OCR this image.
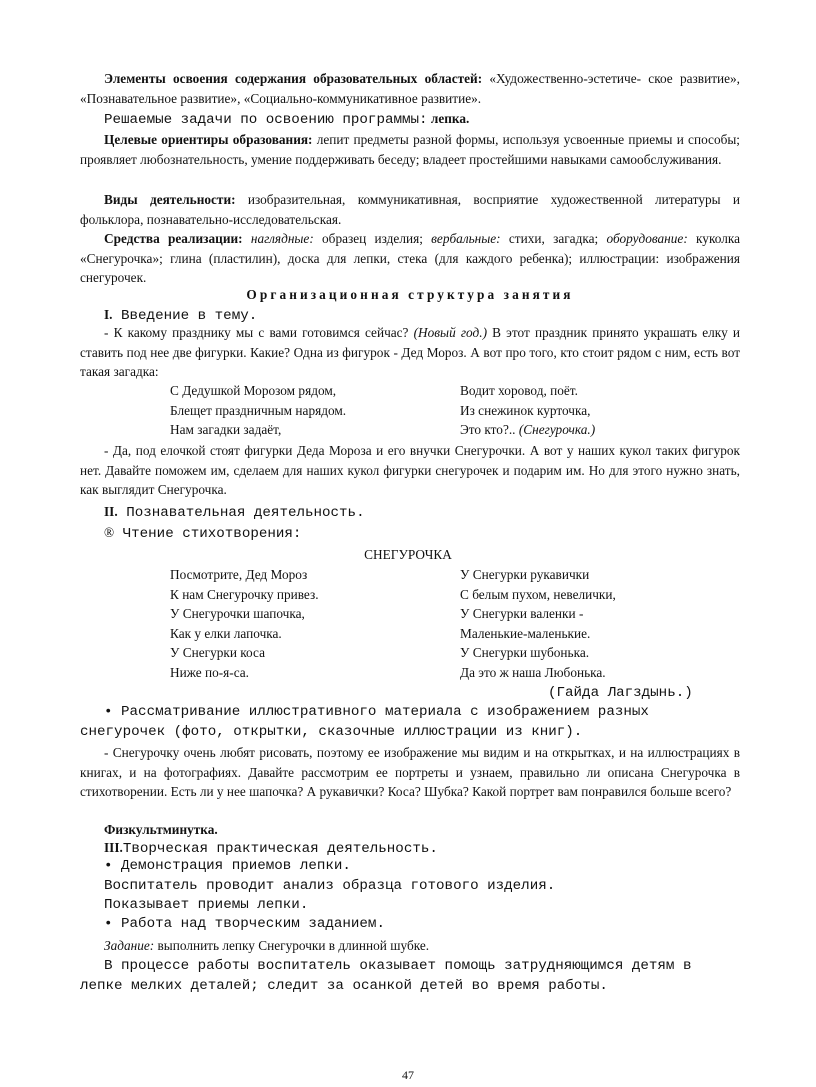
Элементы освоения содержания образовательных областей: «Художественно-эстетиче- ское развитие», «Познавательное развитие», «Социально-коммуникативное развитие».
Решаемые задачи по освоению программы: лепка.
Целевые ориентиры образования: лепит предметы разной формы, используя усвоенные приемы и способы; проявляет любознательность, умение поддерживать беседу; владеет простейшими навыками самообслуживания.
Виды деятельности: изобразительная, коммуникативная, восприятие художественной литературы и фольклора, познавательно-исследовательская.
Средства реализации: наглядные: образец изделия; вербальные: стихи, загадка; оборудование: куколка «Снегурочка»; глина (пластилин), доска для лепки, стека (для каждого ребенка); иллюстрации: изображения снегурочек.
Организационная структура занятия
I. Введение в тему.
- К какому празднику мы с вами готовимся сейчас? (Новый год.) В этот праздник принято украшать елку и ставить под нее две фигурки. Какие? Одна из фигурок - Дед Мороз. А вот про того, кто стоит рядом с ним, есть вот такая загадка:
С Дедушкой Морозом рядом,
Блещет праздничным нарядом.
Нам загадки задаёт,
Водит хоровод, поёт.
Из снежинок курточка,
Это кто?.. (Снегурочка.)
- Да, под елочкой стоят фигурки Деда Мороза и его внучки Снегурочки. А вот у наших кукол таких фигурок нет. Давайте поможем им, сделаем для наших кукол фигурки снегурочек и подарим им. Но для этого нужно знать, как выглядит Снегурочка.
II. Познавательная деятельность.
® Чтение стихотворения:
СНЕГУРОЧКА
Посмотрите, Дед Мороз
К нам Снегурочку привез.
У Снегурочки шапочка,
Как у елки лапочка.
У Снегурки коса
Ниже по-я-са.
У Снегурки рукавички
С белым пухом, невелички,
У Снегурки валенки -
Маленькие-маленькие.
У Снегурки шубонька.
Да это ж наша Любонька.
(Гайда Лагздынь.)
• Рассматривание иллюстративного материала с изображением разных снегурочек (фото, открытки, сказочные иллюстрации из книг).
- Снегурочку очень любят рисовать, поэтому ее изображение мы видим и на открытках, и на иллюстрациях в книгах, и на фотографиях. Давайте рассмотрим ее портреты и узнаем, правильно ли описана Снегурочка в стихотворении. Есть ли у нее шапочка? А рукавички? Коса? Шубка? Какой портрет вам понравился больше всего?
Физкультминутка.
III.Творческая практическая деятельность.
• Демонстрация приемов лепки.
Воспитатель проводит анализ образца готового изделия.
Показывает приемы лепки.
• Работа над творческим заданием.
Задание: выполнить лепку Снегурочки в длинной шубке.
В процессе работы воспитатель оказывает помощь затрудняющимся детям в лепке мелких деталей; следит за осанкой детей во время работы.
47
